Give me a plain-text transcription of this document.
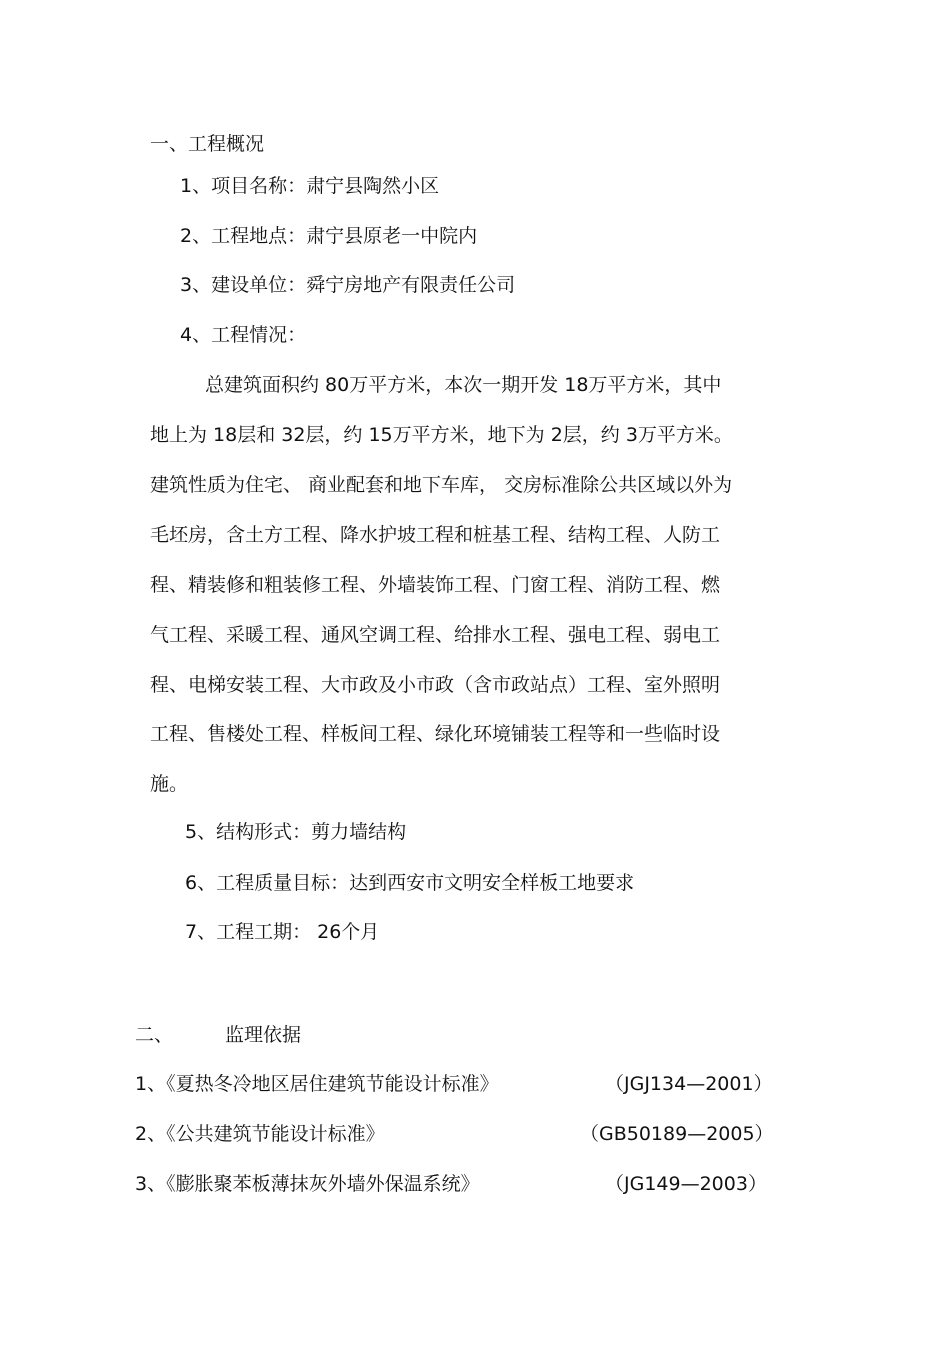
一、工程概况
1、项目名称：肃宁县陶然小区
2、工程地点：肃宁县原老一中院内
3、建设单位：舜宁房地产有限责任公司
4、工程情况：
总建筑面积约 80万平方米，本次一期开发 18万平方米，其中
地上为 18层和 32层，约 15万平方米，地下为 2层，约 3万平方米。
建筑性质为住宅、 商业配套和地下车库， 交房标准除公共区域以外为
毛坯房，含土方工程、降水护坡工程和桩基工程、结构工程、人防工
程、精装修和粗装修工程、外墙装饰工程、门窗工程、消防工程、燃
气工程、采暖工程、通风空调工程、给排水工程、强电工程、弱电工
程、电梯安装工程、大市政及小市政（含市政站点）工程、室外照明
工程、售楼处工程、样板间工程、绿化环境铺装工程等和一些临时设
施。
5、结构形式：剪力墙结构
6、工程质量目标：达到西安市文明安全样板工地要求
7、工程工期： 26个月
二、	监理依据
1、《夏热冬冷地区居住建筑节能设计标准》	（JGJ134—2001）
2、《公共建筑节能设计标准》	（GB50189—2005）
3、《膨胀聚苯板薄抹灰外墙外保温系统》	（JG149—2003）
